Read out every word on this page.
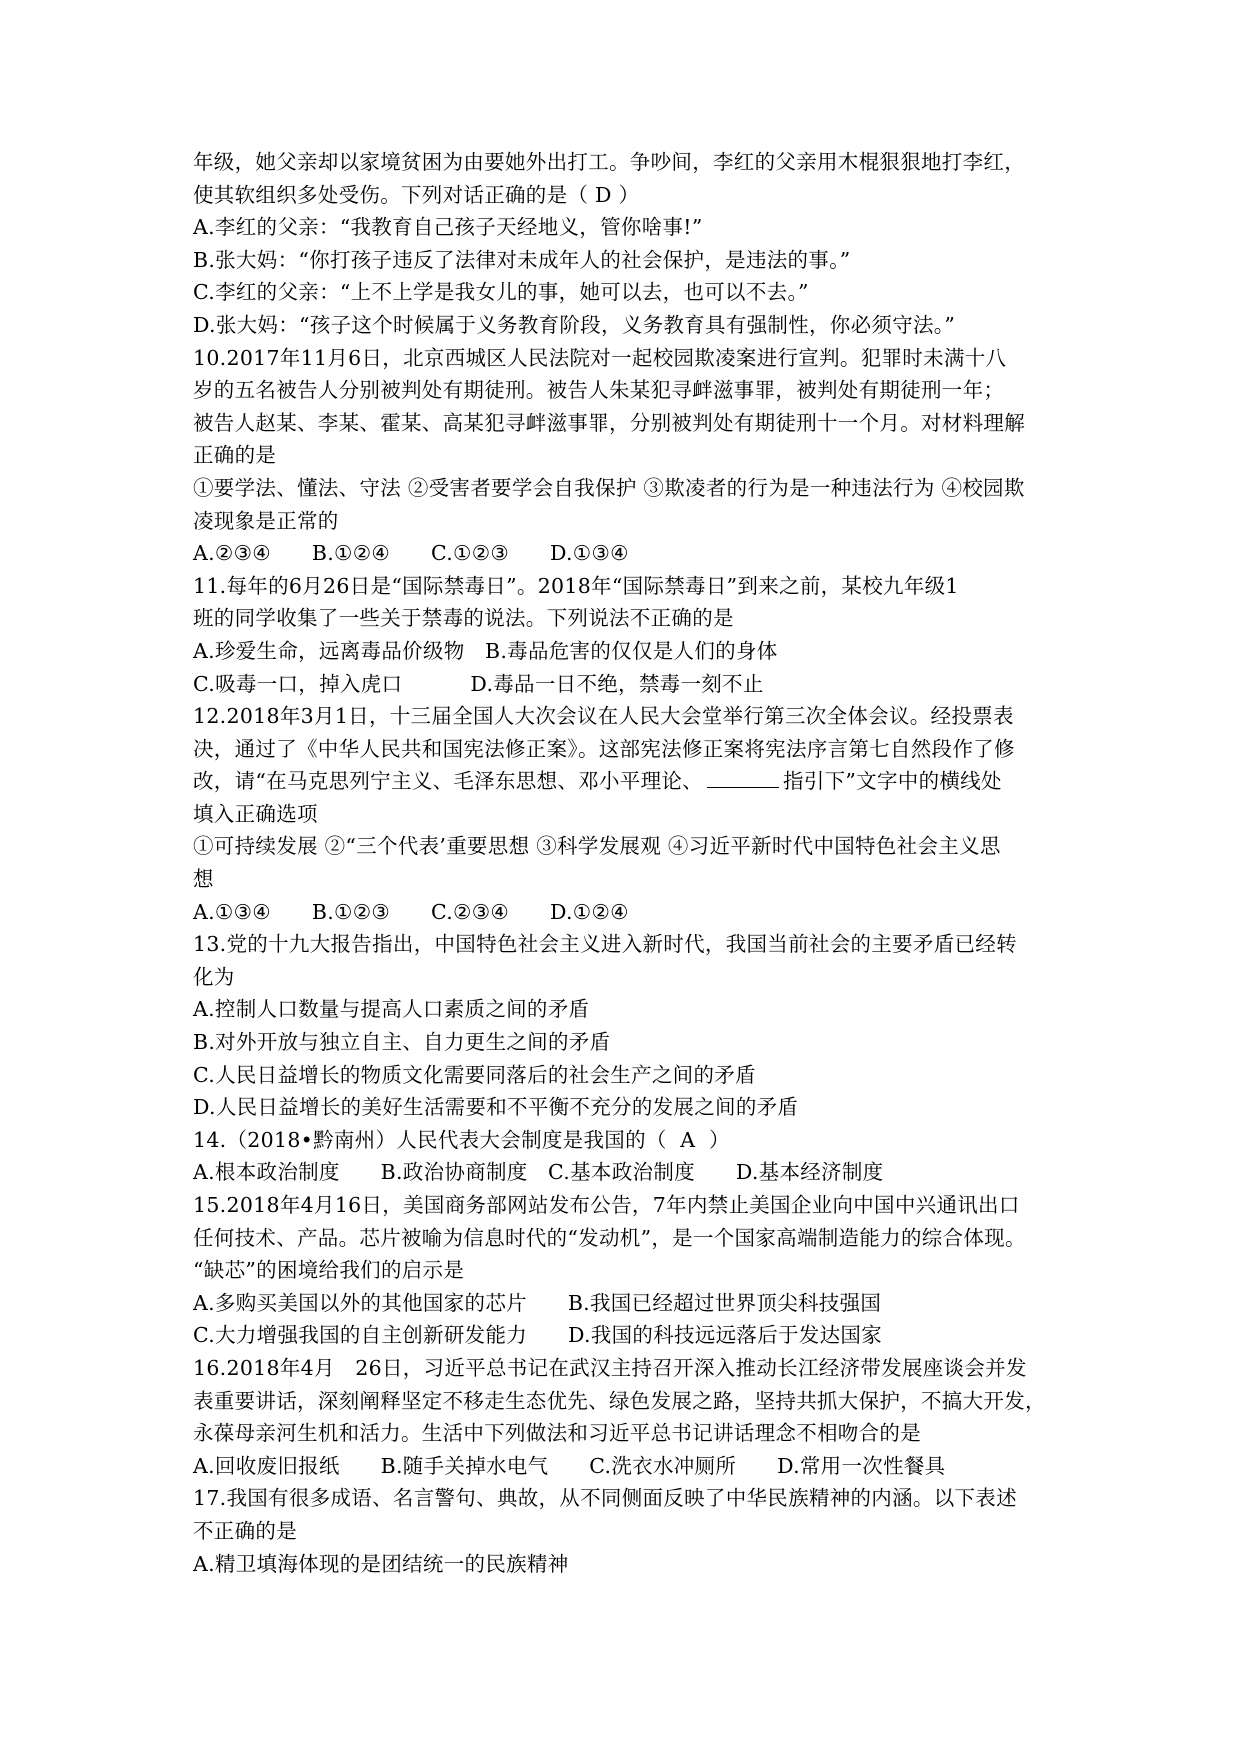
年级，她父亲却以家境贫困为由要她外出打工。争吵间，李红的父亲用木棍狠狠地打李红，
使其软组织多处受伤。下列对话正确的是（ D ）
A.李红的父亲：“我教育自己孩子天经地义，管你啥事!”
B.张大妈：“你打孩子违反了法律对未成年人的社会保护，是违法的事。”
C.李红的父亲：“上不上学是我女儿的事，她可以去，也可以不去。”
D.张大妈：“孩子这个时候属于义务教育阶段，义务教育具有强制性，你必须守法。”
10.2017年11月6日，北京西城区人民法院对一起校园欺凌案进行宣判。犯罪时未满十八
岁的五名被告人分别被判处有期徒刑。被告人朱某犯寻衅滋事罪，被判处有期徒刑一年；
被告人赵某、李某、霍某、高某犯寻衅滋事罪，分别被判处有期徒刑十一个月。对材料理解
正确的是
①要学法、懂法、守法 ②受害者要学会自我保护 ③欺凌者的行为是一种违法行为 ④校园欺
凌现象是正常的
A.②③④      B.①②④      C.①②③      D.①③④
11.每年的6月26日是“国际禁毒日”。2018年“国际禁毒日”到来之前，某校九年级1
班的同学收集了一些关于禁毒的说法。下列说法不正确的是
A.珍爱生命，远离毒品价级物   B.毒品危害的仅仅是人们的身体
C.吸毒一口，掉入虎口          D.毒品一日不绝，禁毒一刻不止
12.2018年3月1日，十三届全国人大次会议在人民大会堂举行第三次全体会议。经投票表
决，通过了《中华人民共和国宪法修正案》。这部宪法修正案将宪法序言第七自然段作了修
改，请“在马克思列宁主义、毛泽东思想、邓小平理论、	指引下”文字中的横线处
填入正确选项
①可持续发展 ②“三个代表’重要思想 ③科学发展观 ④习近平新时代中国特色社会主义思
想
A.①③④      B.①②③      C.②③④      D.①②④
13.党的十九大报告指出，中国特色社会主义进入新时代，我国当前社会的主要矛盾已经转
化为
A.控制人口数量与提高人口素质之间的矛盾
B.对外开放与独立自主、自力更生之间的矛盾
C.人民日益增长的物质文化需要同落后的社会生产之间的矛盾
D.人民日益增长的美好生活需要和不平衡不充分的发展之间的矛盾
14.（2018•黔南州）人民代表大会制度是我国的（  A  ）
A.根本政治制度      B.政治协商制度   C.基本政治制度      D.基本经济制度
15.2018年4月16日，美国商务部网站发布公告，7年内禁止美国企业向中国中兴通讯出口
任何技术、产品。芯片被喻为信息时代的“发动机”，是一个国家高端制造能力的综合体现。
“缺芯”的困境给我们的启示是
A.多购买美国以外的其他国家的芯片      B.我国已经超过世界顶尖科技强国
C.大力增强我国的自主创新研发能力      D.我国的科技远远落后于发达国家
16.2018年4月   26日，习近平总书记在武汉主持召开深入推动长江经济带发展座谈会并发
表重要讲话，深刻阐释坚定不移走生态优先、绿色发展之路，坚持共抓大保护，不搞大开发，
永葆母亲河生机和活力。生活中下列做法和习近平总书记讲话理念不相吻合的是
A.回收废旧报纸      B.随手关掉水电气      C.洗衣水冲厕所      D.常用一次性餐具
17.我国有很多成语、名言警句、典故，从不同侧面反映了中华民族精神的内涵。以下表述
不正确的是
A.精卫填海体现的是团结统一的民族精神
